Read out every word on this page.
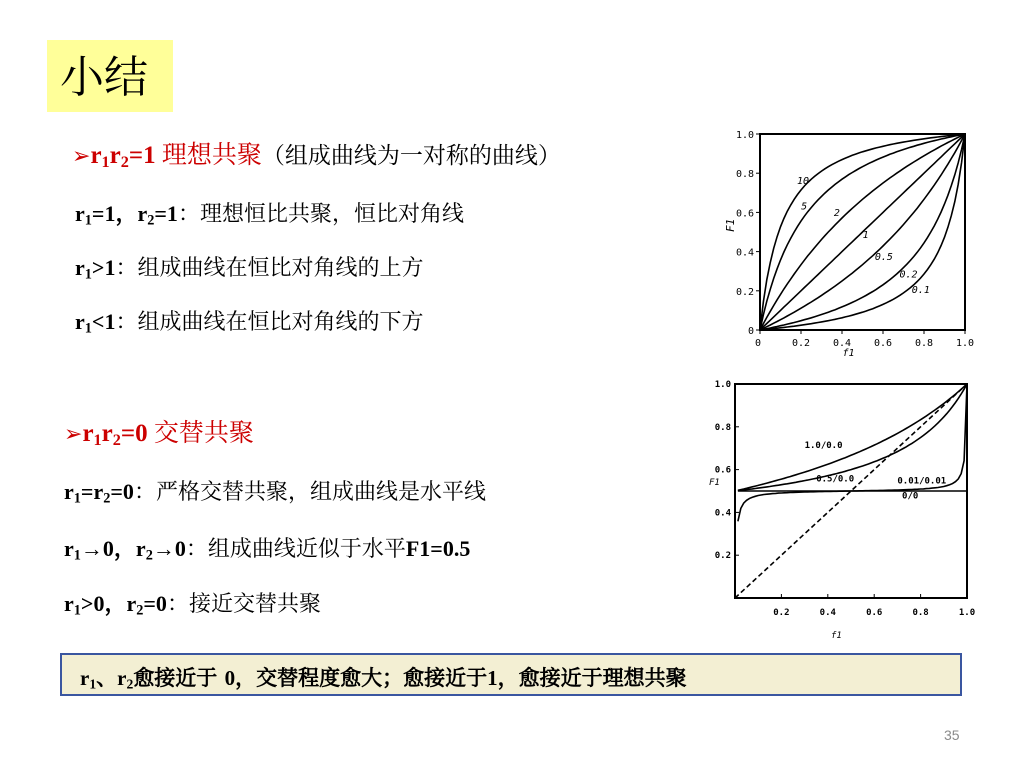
小结
$➢r_1r_2=1$ 理想共聚（组成曲线为一对称的曲线）
$r_1=1$，$r_2=1$：理想恒比共聚，恒比对角线
$r_1>1$：组成曲线在恒比对角线的上方
$r_1<1$：组成曲线在恒比对角线的下方
$➢r_1r_2=0$ 交替共聚
$r_1=r_2=0$：严格交替共聚，组成曲线是水平线
$r_1\to 0$，$r_2\to 0$：组成曲线近似于水平F1=0.5
$r_1>0$，$r_2=0$：接近交替共聚
0
0.2
0.4
0.6
0.8
1.0
0	0.2 0.4 0.6 0.8 1.0
F1
f1
10
5
2
1
0.5
0.2
0.1
0.2
0.4
0.6
0.8
1.0
0.2	0.4	0.6	0.8	1.0
F1
f1
1.0/0.0
0.5/0.0	0.01/0.01
0/0
$r_1$、$r_2$愈接近于 0，交替程度愈大；愈接近于1，愈接近于理想共聚
35
